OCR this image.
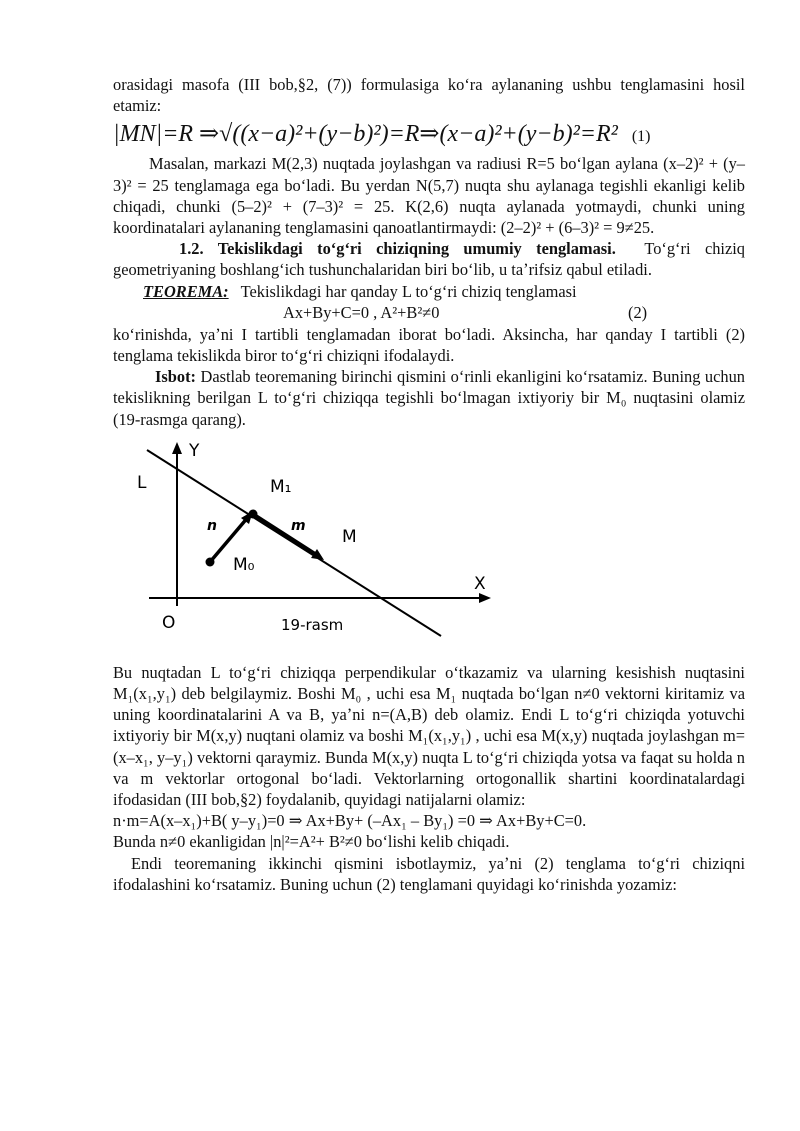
orasidagi masofa (III bob,§2, (7)) formulasiga koʻra aylananing ushbu tenglamasini hosil etamiz:

|MN|=R ⇒√((x−a)²+(y−b)²)=R⇒(x−a)²+(y−b)²=R² (1)

Masalan, markazi M(2,3) nuqtada joylashgan va radiusi R=5 boʻlgan aylana (x–2)² + (y–3)² = 25 tenglamaga ega boʻladi. Bu yerdan N(5,7) nuqta shu aylanaga tegishli ekanligi kelib chiqadi, chunki (5–2)² + (7–3)² = 25. K(2,6) nuqta aylanada yotmaydi, chunki uning koordinatalari aylananing tenglamasini qanoatlantirmaydi: (2–2)² + (6–3)² = 9≠25.

1.2. Tekislikdagi toʻgʻri chiziqning umumiy tenglamasi. Toʻgʻri chiziq geometriyaning boshlangʻich tushunchalaridan biri boʻlib, u taʼrifsiz qabul etiladi.

TEOREMA: Tekislikdagi har qanday L toʻgʻri chiziq tenglamasi

Ax+By+C=0 , A²+B²≠0	(2)

koʻrinishda, yaʼni I tartibli tenglamadan iborat boʻladi. Aksincha, har qanday I tartibli (2) tenglama tekislikda biror toʻgʻri chiziqni ifodalaydi.

Isbot: Dastlab teoremaning birinchi qismini oʻrinli ekanligini koʻrsatamiz. Buning uchun tekislikning berilgan L toʻgʻri chiziqqa tegishli boʻlmagan ixtiyoriy bir M₀ nuqtasini olamiz (19-rasmga qarang).

Y
L	M₁
n	m
M
M₀
X
O	19-rasm

Bu nuqtadan L toʻgʻri chiziqqa perpendikular oʻtkazamiz va ularning kesishish nuqtasini M₁(x₁,y₁) deb belgilaymiz. Boshi M₀ , uchi esa M₁ nuqtada boʻlgan n≠0 vektorni kiritamiz va uning koordinatalarini A va B, yaʼni n=(A,B) deb olamiz. Endi L toʻgʻri chiziqda yotuvchi ixtiyoriy bir M(x,y) nuqtani olamiz va boshi M₁(x₁,y₁) , uchi esa M(x,y) nuqtada joylashgan m=(x–x₁, y–y₁) vektorni qaraymiz. Bunda M(x,y) nuqta L toʻgʻri chiziqda yotsa va faqat su holda n va m vektorlar ortogonal boʻladi. Vektorlarning ortogonallik shartini koordinatalardagi ifodasidan (III bob,§2) foydalanib, quyidagi natijalarni olamiz:

n·m=A(x–x₁)+B( y–y₁)=0 ⇒ Ax+By+ (–Ax₁ – By₁) =0 ⇒ Ax+By+C=0.

Bunda n≠0 ekanligidan |n|²=A²+ B²≠0 boʻlishi kelib chiqadi.

Endi teoremaning ikkinchi qismini isbotlaymiz, yaʼni (2) tenglama toʻgʻri chiziqni ifodalashini koʻrsatamiz. Buning uchun (2) tenglamani quyidagi koʻrinishda yozamiz:
